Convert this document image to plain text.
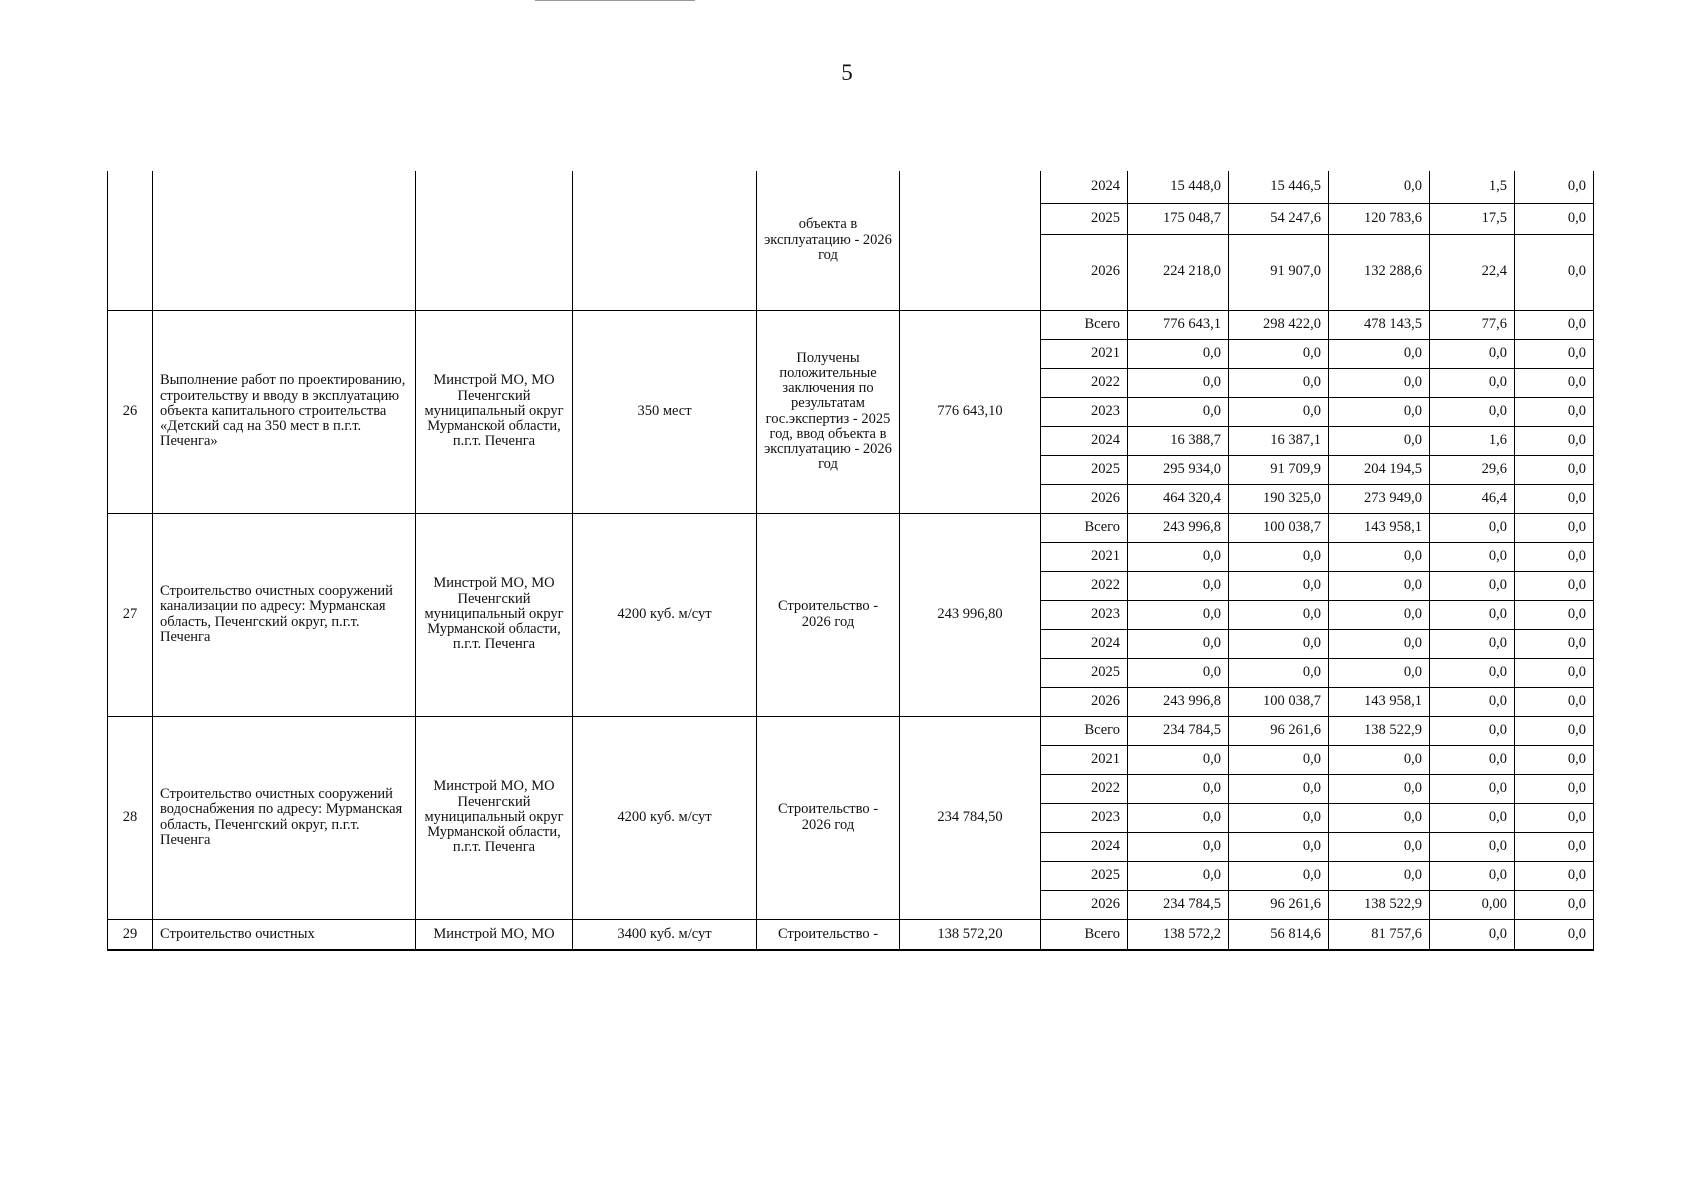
5
				объекта в эксплуатацию - 2026 год		2024	15 448,0	15 446,5	0,0	1,5	0,0
						2025	175 048,7	54 247,6	120 783,6	17,5	0,0
						2026	224 218,0	91 907,0	132 288,6	22,4	0,0
26	Выполнение работ по проектированию, строительству и вводу в эксплуатацию объекта капитального строительства «Детский сад на 350 мест в п.г.т. Печенга»	Минстрой МО, МО Печенгский муниципальный округ Мурманской области, п.г.т. Печенга	350 мест	Получены положительные заключения по результатам гос.экспертиз - 2025 год, ввод объекта в эксплуатацию - 2026 год	776 643,10	Всего	776 643,1	298 422,0	478 143,5	77,6	0,0
						2021	0,0	0,0	0,0	0,0	0,0
						2022	0,0	0,0	0,0	0,0	0,0
						2023	0,0	0,0	0,0	0,0	0,0
						2024	16 388,7	16 387,1	0,0	1,6	0,0
						2025	295 934,0	91 709,9	204 194,5	29,6	0,0
						2026	464 320,4	190 325,0	273 949,0	46,4	0,0
27	Строительство очистных сооружений канализации по адресу: Мурманская область, Печенгский округ, п.г.т. Печенга	Минстрой МО, МО Печенгский муниципальный округ Мурманской области, п.г.т. Печенга	4200 куб. м/сут	Строительство - 2026 год	243 996,80	Всего	243 996,8	100 038,7	143 958,1	0,0	0,0
						2021	0,0	0,0	0,0	0,0	0,0
						2022	0,0	0,0	0,0	0,0	0,0
						2023	0,0	0,0	0,0	0,0	0,0
						2024	0,0	0,0	0,0	0,0	0,0
						2025	0,0	0,0	0,0	0,0	0,0
						2026	243 996,8	100 038,7	143 958,1	0,0	0,0
28	Строительство очистных сооружений водоснабжения по адресу: Мурманская область, Печенгский округ, п.г.т. Печенга	Минстрой МО, МО Печенгский муниципальный округ Мурманской области, п.г.т. Печенга	4200 куб. м/сут	Строительство - 2026 год	234 784,50	Всего	234 784,5	96 261,6	138 522,9	0,0	0,0
						2021	0,0	0,0	0,0	0,0	0,0
						2022	0,0	0,0	0,0	0,0	0,0
						2023	0,0	0,0	0,0	0,0	0,0
						2024	0,0	0,0	0,0	0,0	0,0
						2025	0,0	0,0	0,0	0,0	0,0
						2026	234 784,5	96 261,6	138 522,9	0,00	0,0
29	Строительство очистных	Минстрой МО, МО	3400 куб. м/сут	Строительство -	138 572,20	Всего	138 572,2	56 814,6	81 757,6	0,0	0,0
